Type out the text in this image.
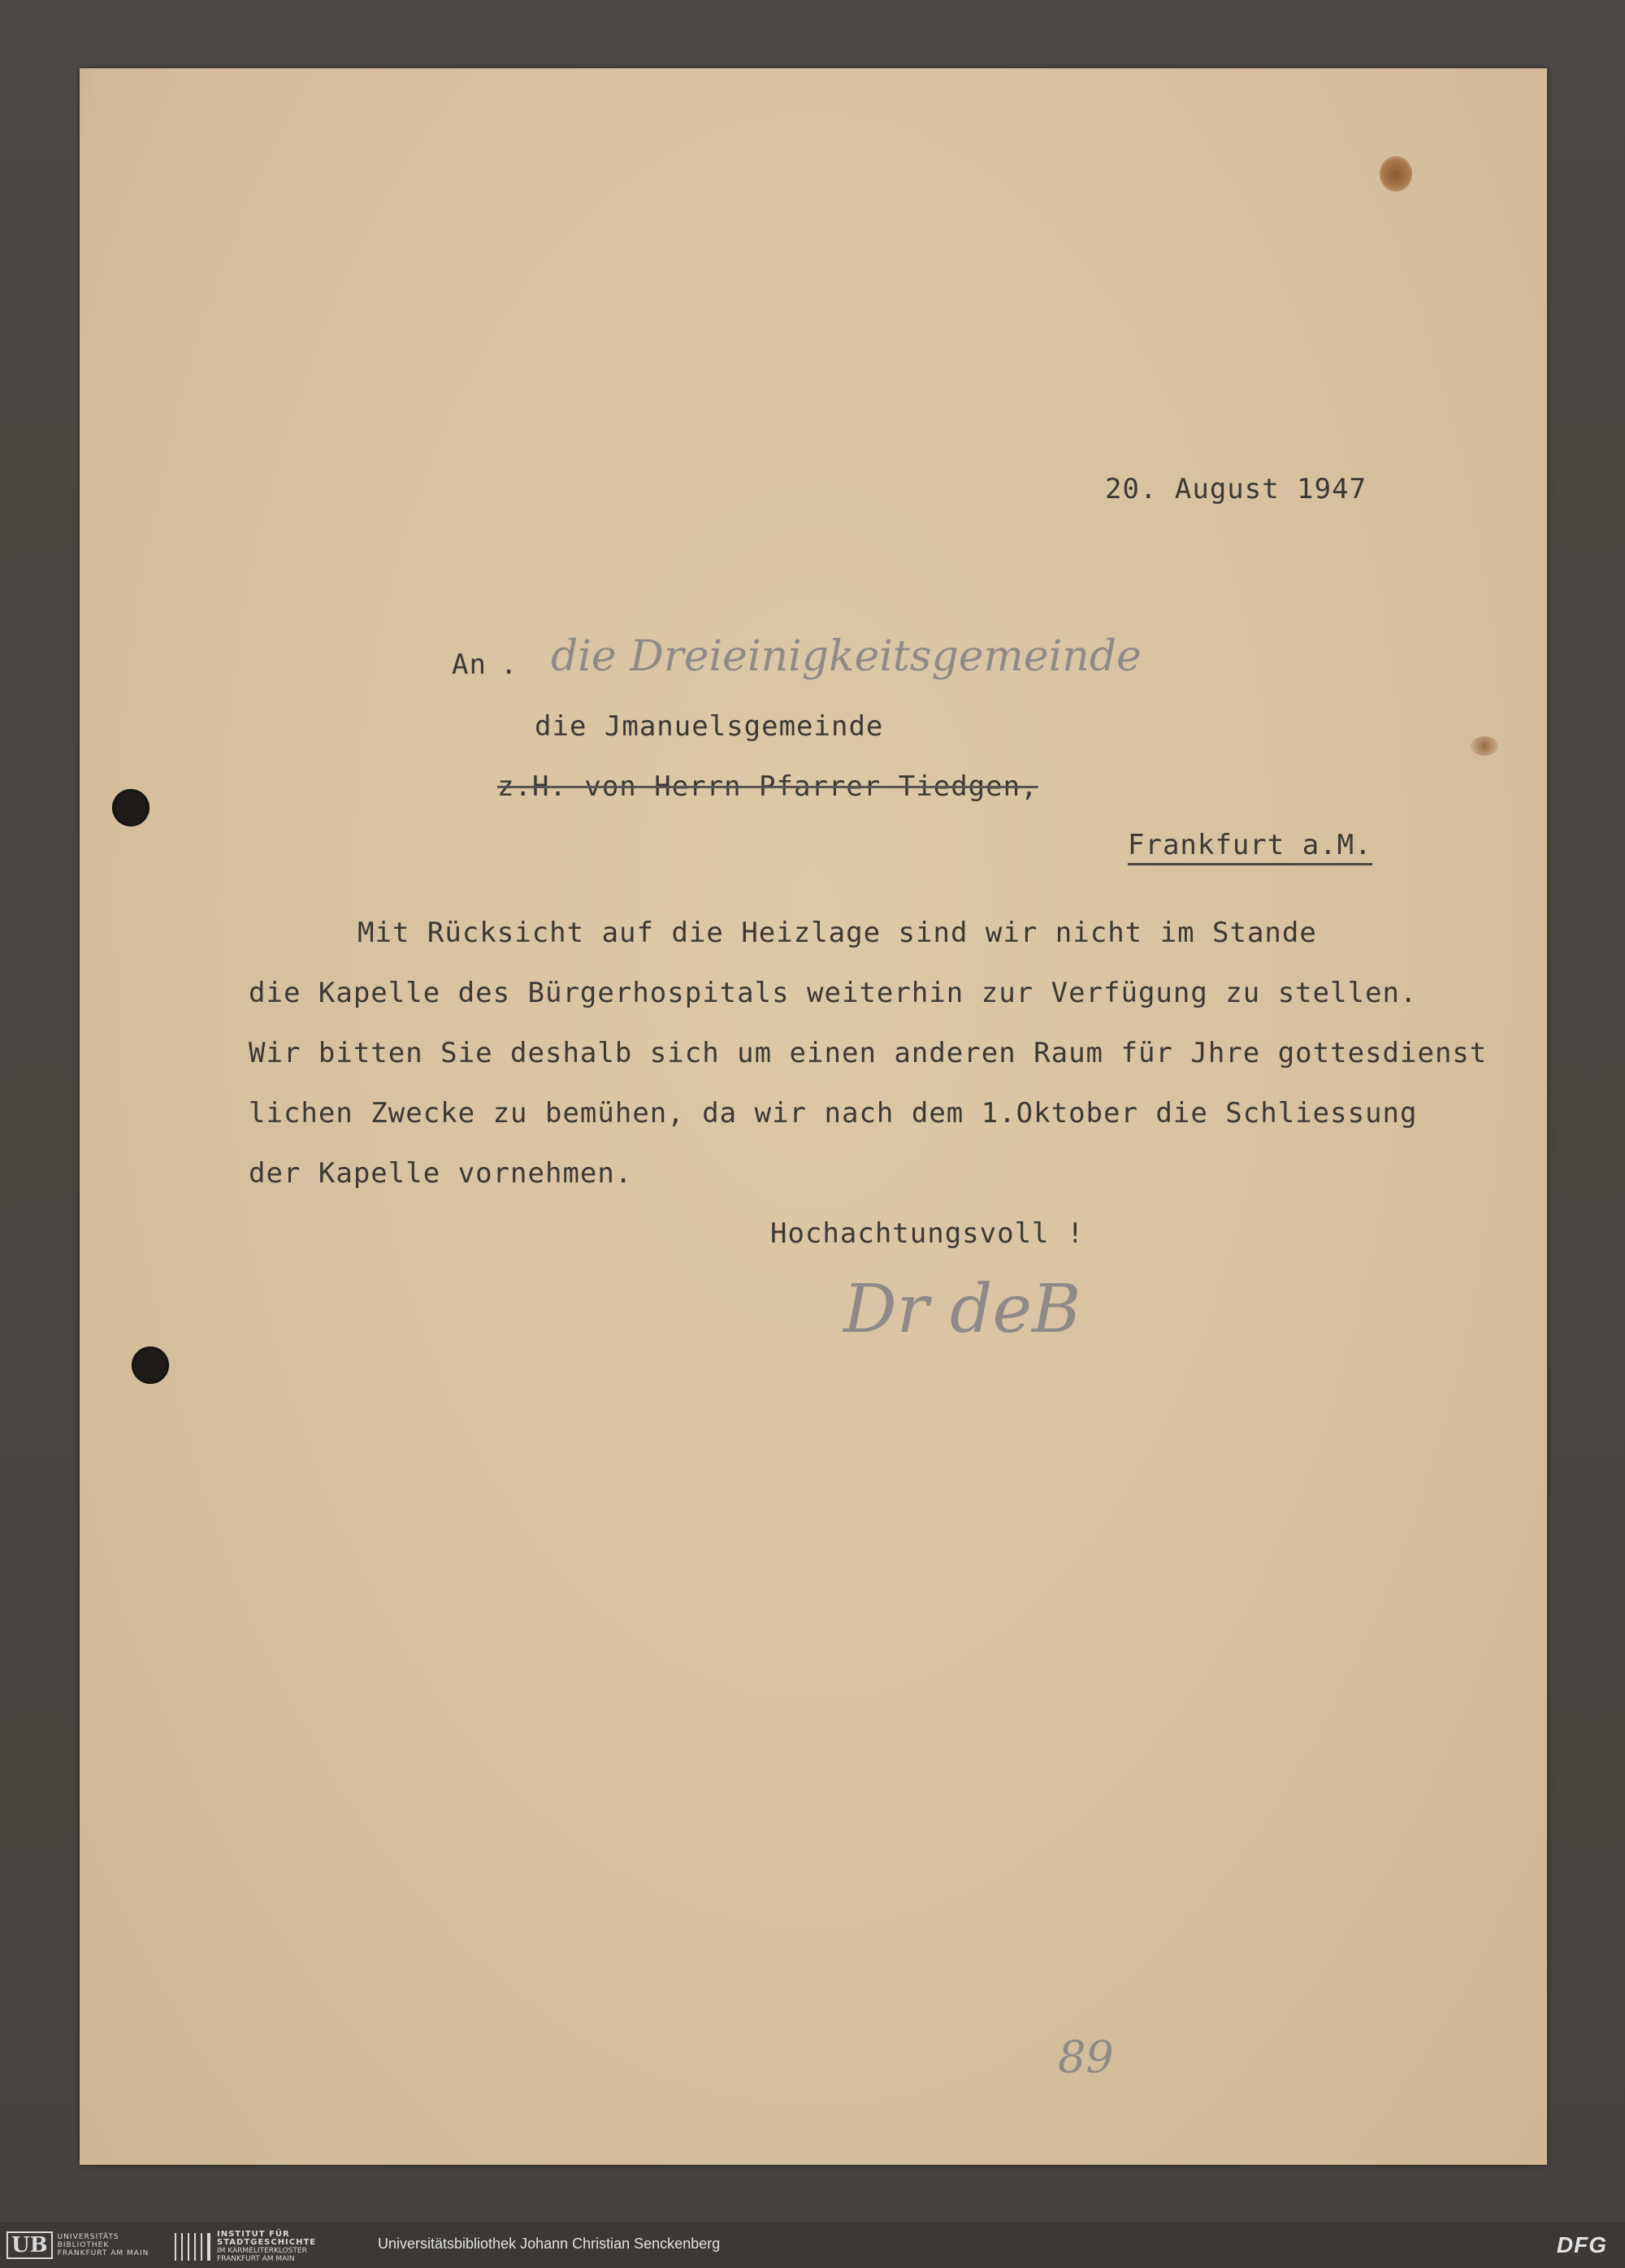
20. August 1947
An . die Dreieinigkeitsgemeinde
die Jmanuelsgemeinde
z.H. von Herrn Pfarrer Tiedgen,
Frankfurt a.M.
Mit Rücksicht auf die Heizlage sind wir nicht im Stande
die Kapelle des Bürgerhospitals weiterhin zur Verfügung zu stellen.
Wir bitten Sie deshalb sich um einen anderen Raum für Jhre gottesdienst
lichen Zwecke zu bemühen, da wir nach dem 1.Oktober die Schliessung
der Kapelle vornehmen.
Hochachtungsvoll !
Dr deB
89
UB	UNIVERSITÄTS
BIBLIOTHEK
FRANKFURT AM MAIN
INSTITUT FÜR
STADTGESCHICHTE
IM KARMELITERKLOSTER
FRANKFURT AM MAIN
Universitätsbibliothek Johann Christian Senckenberg	DFG
